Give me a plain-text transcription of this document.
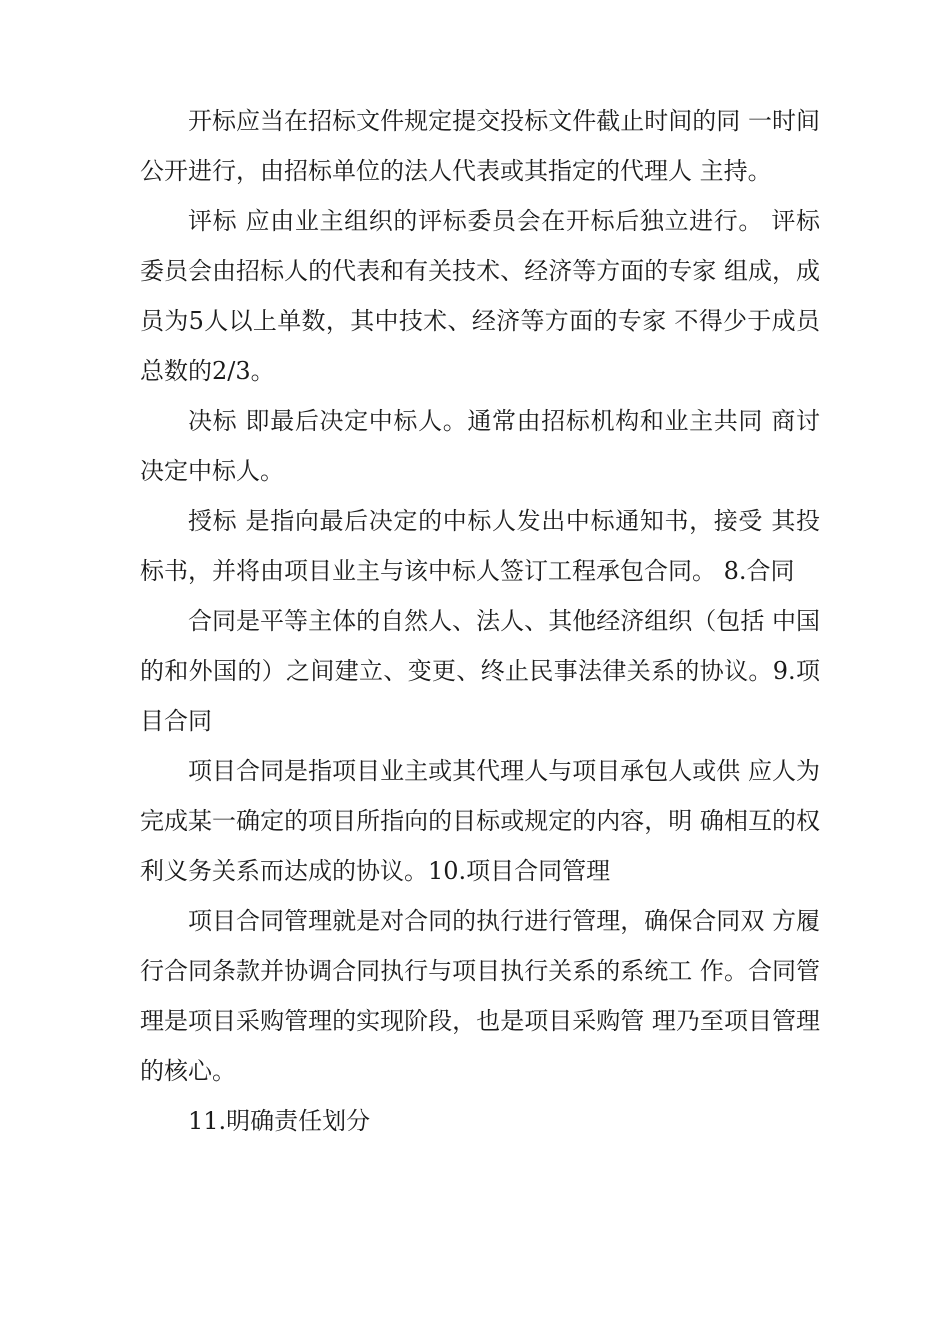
开标应当在招标文件规定提交投标文件截止时间的同 一时间公开进行，由招标单位的法人代表或其指定的代理人 主持。

评标 应由业主组织的评标委员会在开标后独立进行。 评标委员会由招标人的代表和有关技术、经济等方面的专家 组成，成员为5人以上单数，其中技术、经济等方面的专家 不得少于成员总数的2/3。

决标 即最后决定中标人。通常由招标机构和业主共同 商讨决定中标人。

授标 是指向最后决定的中标人发出中标通知书，接受 其投标书，并将由项目业主与该中标人签订工程承包合同。 8.合同

合同是平等主体的自然人、法人、其他经济组织（包括 中国的和外国的）之间建立、变更、终止民事法律关系的协议。9.项目合同

项目合同是指项目业主或其代理人与项目承包人或供 应人为完成某一确定的项目所指向的目标或规定的内容，明 确相互的权利义务关系而达成的协议。10.项目合同管理

项目合同管理就是对合同的执行进行管理，确保合同双 方履行合同条款并协调合同执行与项目执行关系的系统工 作。合同管理是项目采购管理的实现阶段，也是项目采购管 理乃至项目管理的核心。

11.明确责任划分
